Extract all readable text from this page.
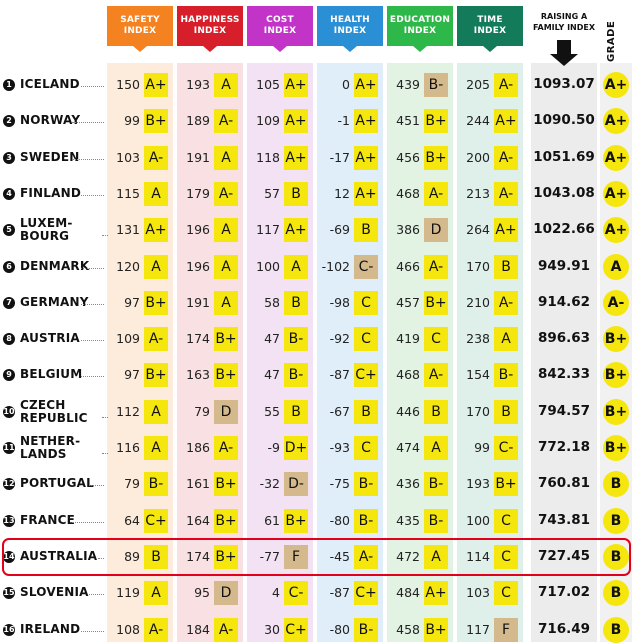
SAFETY
INDEX
HAPPINESS
INDEX
COST
INDEX
HEALTH
INDEX
EDUCATION
INDEX
TIME
INDEX
RAISING A
FAMILY INDEX GRADE
1 ICELAND	150 A+	193 A	105 A+	0 A+	439 B-	205 A-	1093.07 A+
2 NORWAY	99 B+	189 A-	109 A+	-1 A+	451 B+	244 A+ 1090.50 A+
3 SWEDEN	103 A-	191 A	118 A+	-17 A+	456 B+	200 A-	1051.69 A+
4 FINLAND	115 A	179 A-	57 B	12 A+	468 A-	213 A-	1043.08 A+
5 LUXEM-
BOURG	131 A+	196 A	117 A+	-69 B	386 D	264 A+ 1022.66 A+
6 DENMARK	120 A	196 A	100 A	-102 C-	466 A-	170 B	949.91	A
7 GERMANY	97 B+	191 A	58 B	-98 C	457 B+	210 A-	914.62	A-
8 AUSTRIA	109 A-	174 B+	47 B-	-92 C	419 C	238 A	896.63	B+
9 BELGIUM	97 B+	163 B+	47 B-	-87 C+	468 A-	154 B-	842.33	B+
10 CZECH
REPUBLIC	112 A	79 D	55 B	-67 B	446 B	170 B	794.57	B+
11 NETHER-
LANDS	116 A	186 A-	-9 D+	-93 C	474 A	99 C-	772.18	B+
12 PORTUGAL	79 B-	161 B+	-32 D-	-75 B-	436 B-	193 B+	760.81	B
13 FRANCE	64 C+	164 B+	61 B+	-80 B-	435 B-	100 C	743.81	B
14 AUSTRALIA	89 B	174 B+	-77 F	-45 A-	472 A	114 C	727.45	B
15 SLOVENIA	119 A	95 D	4 C-	-87 C+	484 A+	103 C	717.02	B
16 IRELAND	108 A-	184 A-	30 C+	-80 B-	458 B+	117 F	716.49	B
